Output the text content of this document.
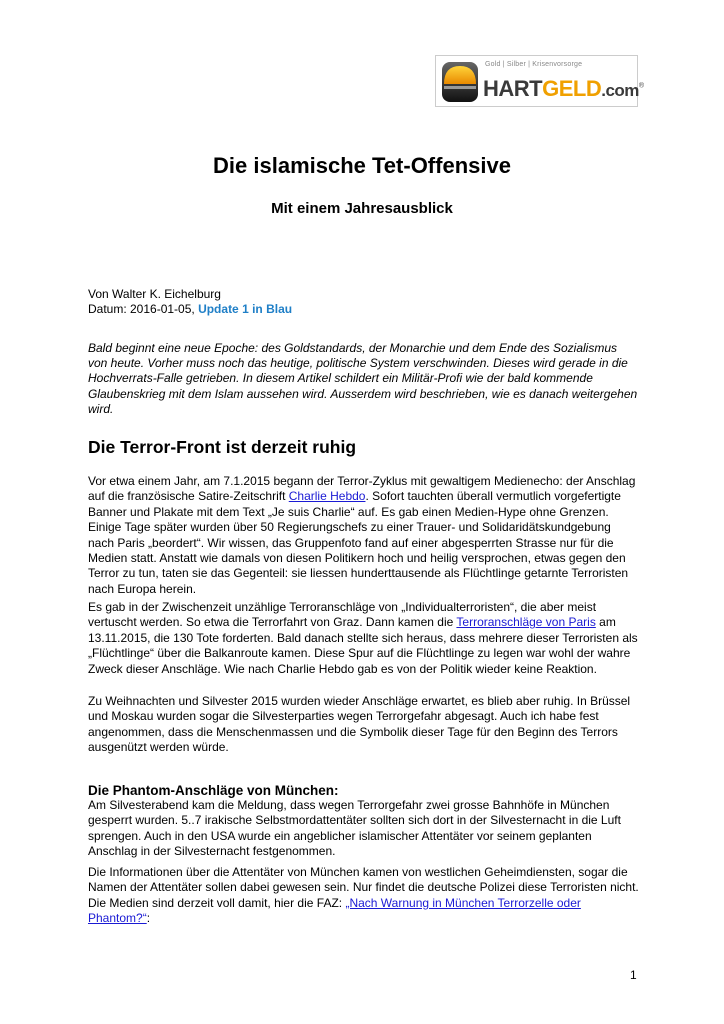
Gold | Silber | Krisenvorsorge
HARTGELD.com®
Die islamische Tet-Offensive
Mit einem Jahresausblick
Von Walter K. Eichelburg
Datum: 2016-01-05, Update 1 in Blau
Bald beginnt eine neue Epoche: des Goldstandards, der Monarchie und dem Ende des Sozialismus von heute. Vorher muss noch das heutige, politische System verschwinden. Dieses wird gerade in die Hochverrats-Falle getrieben. In diesem Artikel schildert ein Militär-Profi wie der bald kommende Glaubenskrieg mit dem Islam aussehen wird. Ausserdem wird beschrieben, wie es danach weitergehen wird.
Die Terror-Front ist derzeit ruhig

Vor etwa einem Jahr, am 7.1.2015 begann der Terror-Zyklus mit gewaltigem Medienecho: der Anschlag auf die französische Satire-Zeitschrift Charlie Hebdo. Sofort tauchten überall vermutlich vorgefertigte Banner und Plakate mit dem Text „Je suis Charlie“ auf. Es gab einen Medien-Hype ohne Grenzen. Einige Tage später wurden über 50 Regierungschefs zu einer Trauer- und Solidaridätskundgebung nach Paris „beordert“. Wir wissen, das Gruppenfoto fand auf einer abgesperrten Strasse nur für die Medien statt. Anstatt wie damals von diesen Politikern hoch und heilig versprochen, etwas gegen den Terror zu tun, taten sie das Gegenteil: sie liessen hunderttausende als Flüchtlinge getarnte Terroristen nach Europa herein.

Es gab in der Zwischenzeit unzählige Terroranschläge von „Individualterroristen“, die aber meist vertuscht werden. So etwa die Terrorfahrt von Graz. Dann kamen die Terroranschläge von Paris am 13.11.2015, die 130 Tote forderten. Bald danach stellte sich heraus, dass mehrere dieser Terroristen als „Flüchtlinge“ über die Balkanroute kamen. Diese Spur auf die Flüchtlinge zu legen war wohl der wahre Zweck dieser Anschläge. Wie nach Charlie Hebdo gab es von der Politik wieder keine Reaktion.

Zu Weihnachten und Silvester 2015 wurden wieder Anschläge erwartet, es blieb aber ruhig. In Brüssel und Moskau wurden sogar die Silvesterparties wegen Terrorgefahr abgesagt. Auch ich habe fest angenommen, dass die Menschenmassen und die Symbolik dieser Tage für den Beginn des Terrors ausgenützt werden würde.

Die Phantom-Anschläge von München:

Am Silvesterabend kam die Meldung, dass wegen Terrorgefahr zwei grosse Bahnhöfe in München gesperrt wurden. 5..7 irakische Selbstmordattentäter sollten sich dort in der Silvesternacht in die Luft sprengen. Auch in den USA wurde ein angeblicher islamischer Attentäter vor seinem geplanten Anschlag in der Silvesternacht festgenommen.

Die Informationen über die Attentäter von München kamen von westlichen Geheimdiensten, sogar die Namen der Attentäter sollen dabei gewesen sein. Nur findet die deutsche Polizei diese Terroristen nicht. Die Medien sind derzeit voll damit, hier die FAZ: „Nach Warnung in München Terrorzelle oder Phantom?“:

1
